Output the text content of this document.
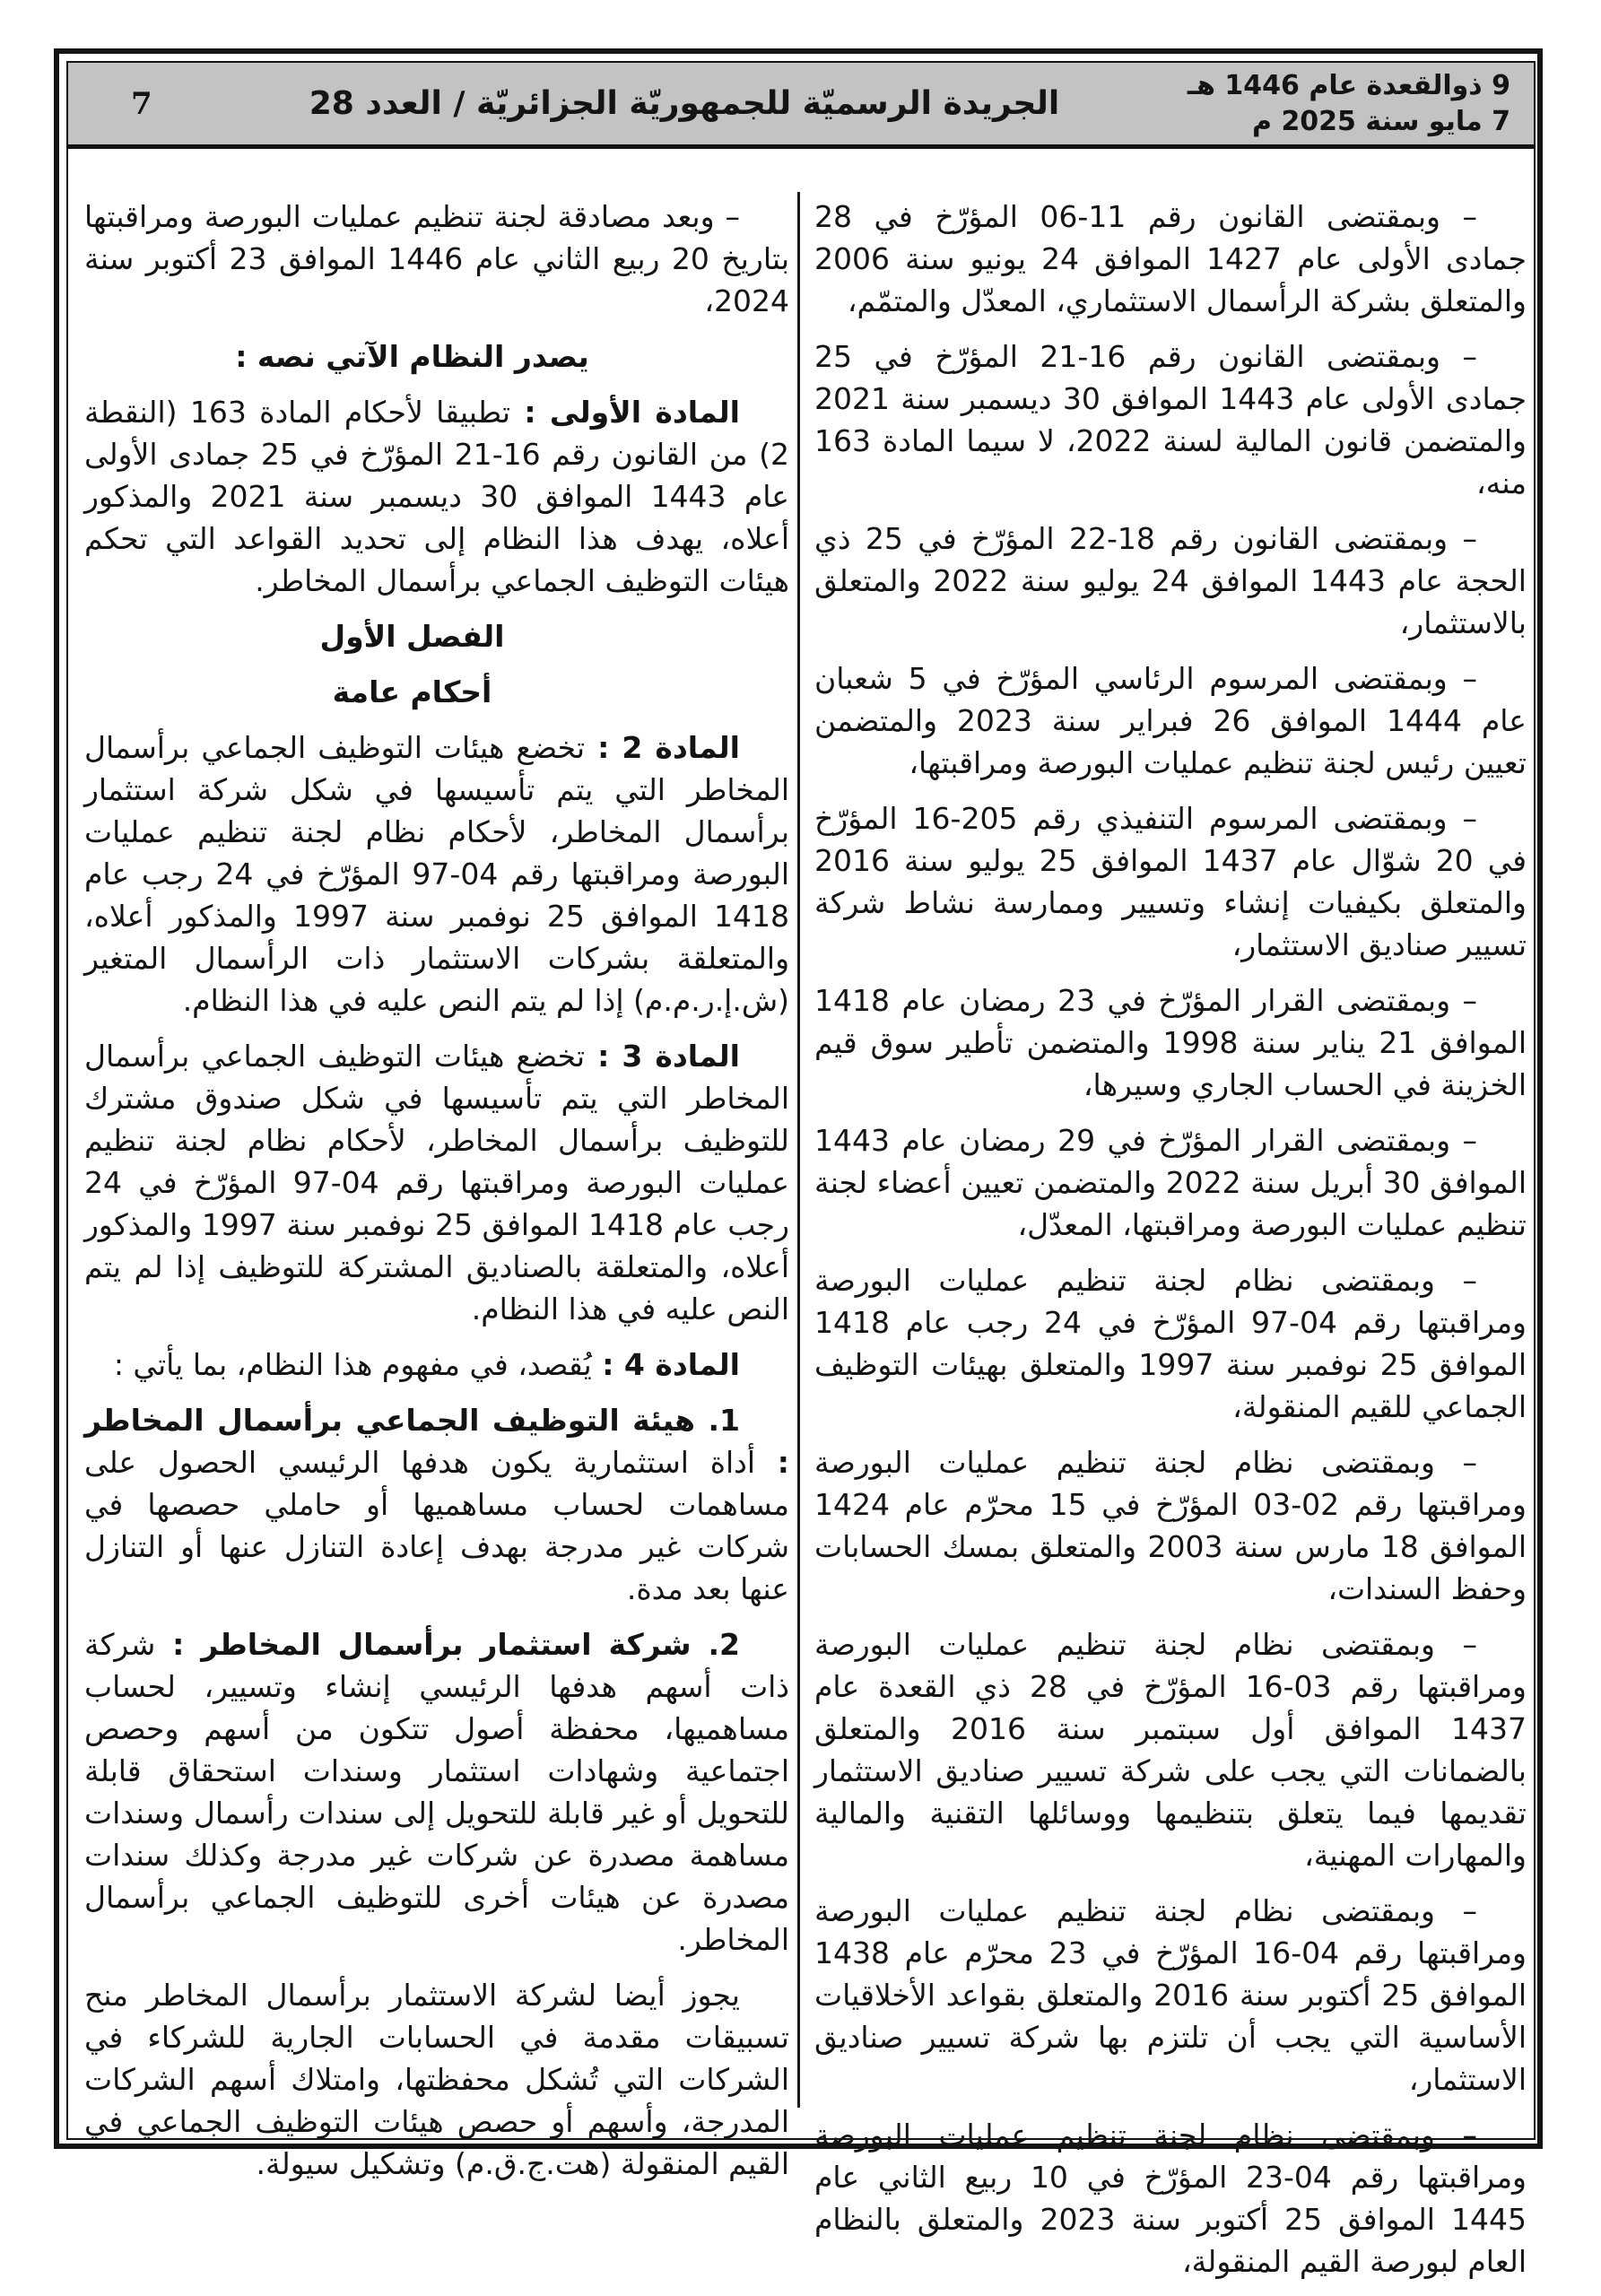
9 ذوالقعدة عام 1446 هـ
7 مايو سنة 2025 م
الجريدة الرسميّة للجمهوريّة الجزائريّة / العدد 28
7

– وبمقتضى القانون رقم 11-06 المؤرّخ في 28 جمادى الأولى عام 1427 الموافق 24 يونيو سنة 2006 والمتعلق بشركة الرأسمال الاستثماري، المعدّل والمتمّم،

– وبمقتضى القانون رقم 16-21 المؤرّخ في 25 جمادى الأولى عام 1443 الموافق 30 ديسمبر سنة 2021 والمتضمن قانون المالية لسنة 2022، لا سيما المادة 163 منه،

– وبمقتضى القانون رقم 18-22 المؤرّخ في 25 ذي الحجة عام 1443 الموافق 24 يوليو سنة 2022 والمتعلق بالاستثمار،

– وبمقتضى المرسوم الرئاسي المؤرّخ في 5 شعبان عام 1444 الموافق 26 فبراير سنة 2023 والمتضمن تعيين رئيس لجنة تنظيم عمليات البورصة ومراقبتها،

– وبمقتضى المرسوم التنفيذي رقم 205-16 المؤرّخ في 20 شوّال عام 1437 الموافق 25 يوليو سنة 2016 والمتعلق بكيفيات إنشاء وتسيير وممارسة نشاط شركة تسيير صناديق الاستثمار،

– وبمقتضى القرار المؤرّخ في 23 رمضان عام 1418 الموافق 21 يناير سنة 1998 والمتضمن تأطير سوق قيم الخزينة في الحساب الجاري وسيرها،

– وبمقتضى القرار المؤرّخ في 29 رمضان عام 1443 الموافق 30 أبريل سنة 2022 والمتضمن تعيين أعضاء لجنة تنظيم عمليات البورصة ومراقبتها، المعدّل،

– وبمقتضى نظام لجنة تنظيم عمليات البورصة ومراقبتها رقم 04-97 المؤرّخ في 24 رجب عام 1418 الموافق 25 نوفمبر سنة 1997 والمتعلق بهيئات التوظيف الجماعي للقيم المنقولة،

– وبمقتضى نظام لجنة تنظيم عمليات البورصة ومراقبتها رقم 02-03 المؤرّخ في 15 محرّم عام 1424 الموافق 18 مارس سنة 2003 والمتعلق بمسك الحسابات وحفظ السندات،

– وبمقتضى نظام لجنة تنظيم عمليات البورصة ومراقبتها رقم 03-16 المؤرّخ في 28 ذي القعدة عام 1437 الموافق أول سبتمبر سنة 2016 والمتعلق بالضمانات التي يجب على شركة تسيير صناديق الاستثمار تقديمها فيما يتعلق بتنظيمها ووسائلها التقنية والمالية والمهارات المهنية،

– وبمقتضى نظام لجنة تنظيم عمليات البورصة ومراقبتها رقم 04-16 المؤرّخ في 23 محرّم عام 1438 الموافق 25 أكتوبر سنة 2016 والمتعلق بقواعد الأخلاقيات الأساسية التي يجب أن تلتزم بها شركة تسيير صناديق الاستثمار،

– وبمقتضى نظام لجنة تنظيم عمليات البورصة ومراقبتها رقم 04-23 المؤرّخ في 10 ربيع الثاني عام 1445 الموافق 25 أكتوبر سنة 2023 والمتعلق بالنظام العام لبورصة القيم المنقولة،

– وبعد مصادقة لجنة تنظيم عمليات البورصة ومراقبتها بتاريخ 20 ربيع الثاني عام 1446 الموافق 23 أكتوبر سنة 2024،

يصدر النظام الآتي نصه :

المادة الأولى : تطبيقا لأحكام المادة 163 (النقطة 2) من القانون رقم 16-21 المؤرّخ في 25 جمادى الأولى عام 1443 الموافق 30 ديسمبر سنة 2021 والمذكور أعلاه، يهدف هذا النظام إلى تحديد القواعد التي تحكم هيئات التوظيف الجماعي برأسمال المخاطر.

الفصل الأول

أحكام عامة

المادة 2 : تخضع هيئات التوظيف الجماعي برأسمال المخاطر التي يتم تأسيسها في شكل شركة استثمار برأسمال المخاطر، لأحكام نظام لجنة تنظيم عمليات البورصة ومراقبتها رقم 04-97 المؤرّخ في 24 رجب عام 1418 الموافق 25 نوفمبر سنة 1997 والمذكور أعلاه، والمتعلقة بشركات الاستثمار ذات الرأسمال المتغير (ش.إ.ر.م.م) إذا لم يتم النص عليه في هذا النظام.

المادة 3 : تخضع هيئات التوظيف الجماعي برأسمال المخاطر التي يتم تأسيسها في شكل صندوق مشترك للتوظيف برأسمال المخاطر، لأحكام نظام لجنة تنظيم عمليات البورصة ومراقبتها رقم 04-97 المؤرّخ في 24 رجب عام 1418 الموافق 25 نوفمبر سنة 1997 والمذكور أعلاه، والمتعلقة بالصناديق المشتركة للتوظيف إذا لم يتم النص عليه في هذا النظام.

المادة 4 : يُقصد، في مفهوم هذا النظام، بما يأتي :

1. هيئة التوظيف الجماعي برأسمال المخاطر : أداة استثمارية يكون هدفها الرئيسي الحصول على مساهمات لحساب مساهميها أو حاملي حصصها في شركات غير مدرجة بهدف إعادة التنازل عنها أو التنازل عنها بعد مدة.

2. شركة استثمار برأسمال المخاطر : شركة ذات أسهم هدفها الرئيسي إنشاء وتسيير، لحساب مساهميها، محفظة أصول تتكون من أسهم وحصص اجتماعية وشهادات استثمار وسندات استحقاق قابلة للتحويل أو غير قابلة للتحويل إلى سندات رأسمال وسندات مساهمة مصدرة عن شركات غير مدرجة وكذلك سندات مصدرة عن هيئات أخرى للتوظيف الجماعي برأسمال المخاطر.

يجوز أيضا لشركة الاستثمار برأسمال المخاطر منح تسبيقات مقدمة في الحسابات الجارية للشركاء في الشركات التي تُشكل محفظتها، وامتلاك أسهم الشركات المدرجة، وأسهم أو حصص هيئات التوظيف الجماعي في القيم المنقولة (هت.ج.ق.م) وتشكيل سيولة.
